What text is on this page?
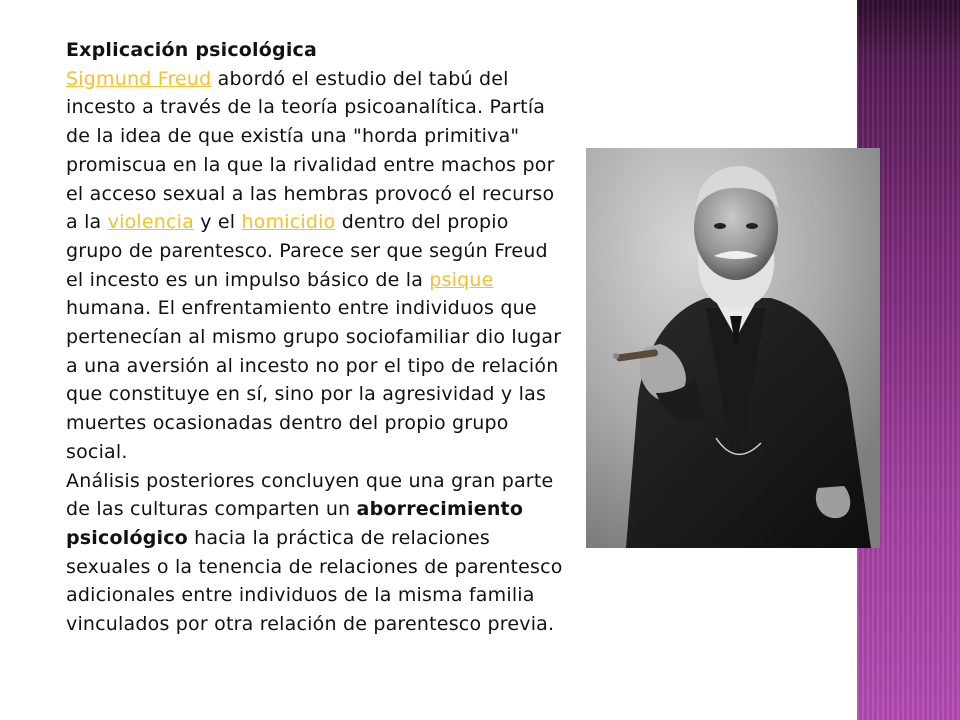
Explicación psicológica

Sigmund Freud abordó el estudio del tabú del incesto a través de la teoría psicoanalítica. Partía de la idea de que existía una "horda primitiva" promiscua en la que la rivalidad entre machos por el acceso sexual a las hembras provocó el recurso a la violencia y el homicidio dentro del propio grupo de parentesco. Parece ser que según Freud el incesto es un impulso básico de la psique humana. El enfrentamiento entre individuos que pertenecían al mismo grupo sociofamiliar dio lugar a una aversión al incesto no por el tipo de relación que constituye en sí, sino por la agresividad y las muertes ocasionadas dentro del propio grupo social.

Análisis posteriores concluyen que una gran parte de las culturas comparten un aborrecimiento psicológico hacia la práctica de relaciones sexuales o la tenencia de relaciones de parentesco adicionales entre individuos de la misma familia vinculados por otra relación de parentesco previa.
